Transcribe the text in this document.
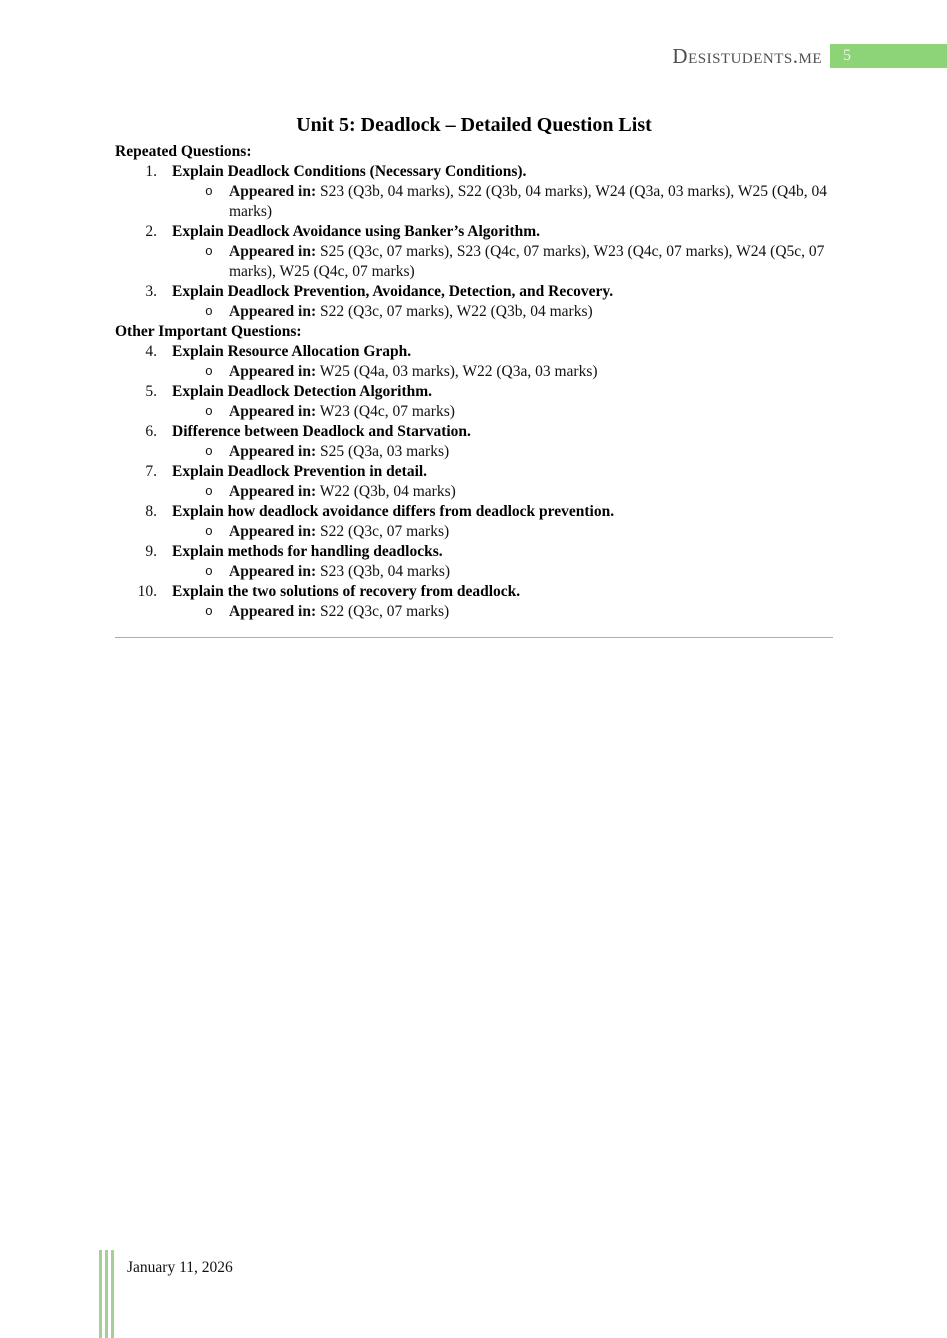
Desistudents.me	5
Unit 5: Deadlock – Detailed Question List
Repeated Questions:
1. Explain Deadlock Conditions (Necessary Conditions).
o	Appeared in: S23 (Q3b, 04 marks), S22 (Q3b, 04 marks), W24 (Q3a, 03 marks), W25 (Q4b, 04 marks)
2. Explain Deadlock Avoidance using Banker’s Algorithm.
o	Appeared in: S25 (Q3c, 07 marks), S23 (Q4c, 07 marks), W23 (Q4c, 07 marks), W24 (Q5c, 07 marks), W25 (Q4c, 07 marks)
3. Explain Deadlock Prevention, Avoidance, Detection, and Recovery.
o	Appeared in: S22 (Q3c, 07 marks), W22 (Q3b, 04 marks)
Other Important Questions:
4. Explain Resource Allocation Graph.
o	Appeared in: W25 (Q4a, 03 marks), W22 (Q3a, 03 marks)
5. Explain Deadlock Detection Algorithm.
o	Appeared in: W23 (Q4c, 07 marks)
6. Difference between Deadlock and Starvation.
o	Appeared in: S25 (Q3a, 03 marks)
7. Explain Deadlock Prevention in detail.
o	Appeared in: W22 (Q3b, 04 marks)
8. Explain how deadlock avoidance differs from deadlock prevention.
o	Appeared in: S22 (Q3c, 07 marks)
9. Explain methods for handling deadlocks.
o	Appeared in: S23 (Q3b, 04 marks)
10. Explain the two solutions of recovery from deadlock.
o	Appeared in: S22 (Q3c, 07 marks)
January 11, 2026
